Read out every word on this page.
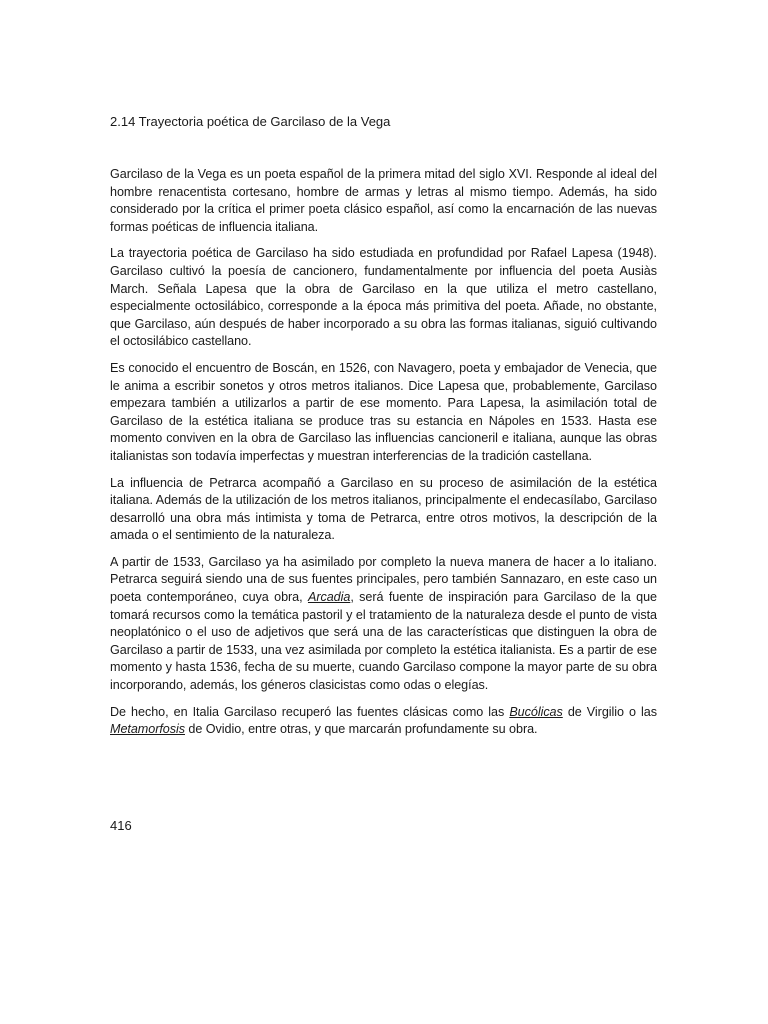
2.14 Trayectoria poética de Garcilaso de la Vega

Garcilaso de la Vega es un poeta español de la primera mitad del siglo XVI. Responde al ideal del hombre renacentista cortesano, hombre de armas y letras al mismo tiempo. Además, ha sido considerado por la crítica el primer poeta clásico español, así como la encarnación de las nuevas formas poéticas de influencia italiana.

La trayectoria poética de Garcilaso ha sido estudiada en profundidad por Rafael Lapesa (1948). Garcilaso cultivó la poesía de cancionero, fundamentalmente por influencia del poeta Ausiàs March. Señala Lapesa que la obra de Garcilaso en la que utiliza el metro castellano, especialmente octosilábico, corresponde a la época más primitiva del poeta. Añade, no obstante, que Garcilaso, aún después de haber incorporado a su obra las formas italianas, siguió cultivando el octosilábico castellano.

Es conocido el encuentro de Boscán, en 1526, con Navagero, poeta y embajador de Venecia, que le anima a escribir sonetos y otros metros italianos. Dice Lapesa que, probablemente, Garcilaso empezara también a utilizarlos a partir de ese momento. Para Lapesa, la asimilación total de Garcilaso de la estética italiana se produce tras su estancia en Nápoles en 1533. Hasta ese momento conviven en la obra de Garcilaso las influencias cancioneril e italiana, aunque las obras italianistas son todavía imperfectas y muestran interferencias de la tradición castellana.

La influencia de Petrarca acompañó a Garcilaso en su proceso de asimilación de la estética italiana. Además de la utilización de los metros italianos, principalmente el endecasílabo, Garcilaso desarrolló una obra más intimista y toma de Petrarca, entre otros motivos, la descripción de la amada o el sentimiento de la naturaleza.

A partir de 1533, Garcilaso ya ha asimilado por completo la nueva manera de hacer a lo italiano. Petrarca seguirá siendo una de sus fuentes principales, pero también Sannazaro, en este caso un poeta contemporáneo, cuya obra, Arcadia, será fuente de inspiración para Garcilaso de la que tomará recursos como la temática pastoril y el tratamiento de la naturaleza desde el punto de vista neoplatónico o el uso de adjetivos que será una de las características que distinguen la obra de Garcilaso a partir de 1533, una vez asimilada por completo la estética italianista. Es a partir de ese momento y hasta 1536, fecha de su muerte, cuando Garcilaso compone la mayor parte de su obra incorporando, además, los géneros clasicistas como odas o elegías.

De hecho, en Italia Garcilaso recuperó las fuentes clásicas como las Bucólicas de Virgilio o las Metamorfosis de Ovidio, entre otras, y que marcarán profundamente su obra.

416
